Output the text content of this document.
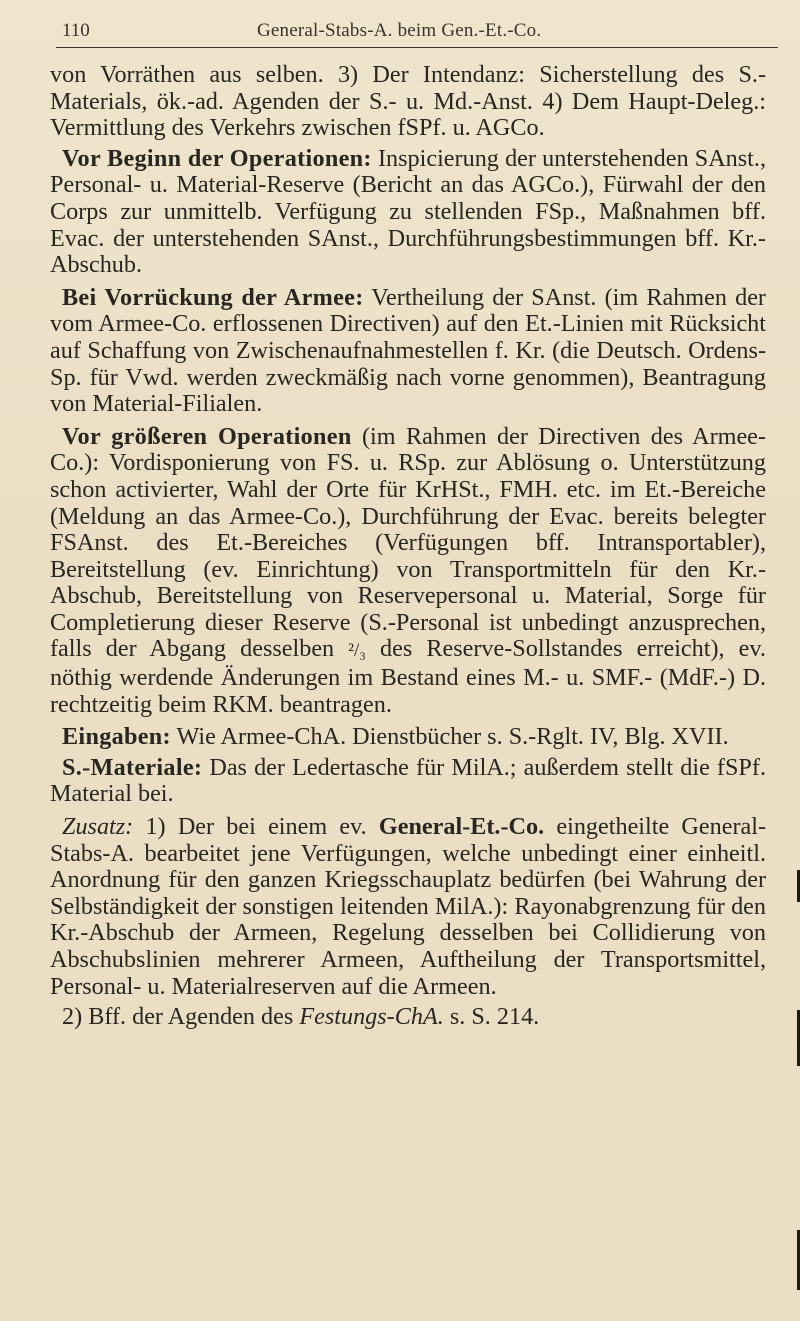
110	General-Stabs-A. beim Gen.-Et.-Co.

von Vorräthen aus selben. 3) Der Intendanz: Sicherstellung des S.-Materials, ök.-ad. Agenden der S.- u. Md.-Anst. 4) Dem Haupt-Deleg.: Vermittlung des Verkehrs zwischen fSPf. u. AGCo.

Vor Beginn der Operationen: Inspicierung der unterstehenden SAnst., Personal- u. Material-Reserve (Bericht an das AGCo.), Fürwahl der den Corps zur unmittelb. Verfügung zu stellenden FSp., Maßnahmen bff. Evac. der unterstehenden SAnst., Durchführungsbestimmungen bff. Kr.-Abschub.

Bei Vorrückung der Armee: Vertheilung der SAnst. (im Rahmen der vom Armee-Co. erflossenen Directiven) auf den Et.-Linien mit Rücksicht auf Schaffung von Zwischenaufnahmestellen f. Kr. (die Deutsch. Ordens-Sp. für Vwd. werden zweckmäßig nach vorne genommen), Beantragung von Material-Filialen.

Vor größeren Operationen (im Rahmen der Directiven des Armee-Co.): Vordisponierung von FS. u. RSp. zur Ablösung o. Unterstützung schon activierter, Wahl der Orte für KrHSt., FMH. etc. im Et.-Bereiche (Meldung an das Armee-Co.), Durchführung der Evac. bereits belegter FSAnst. des Et.-Bereiches (Verfügungen bff. Intransportabler), Bereitstellung (ev. Einrichtung) von Transportmitteln für den Kr.-Abschub, Bereitstellung von Reservepersonal u. Material, Sorge für Completierung dieser Reserve (S.-Personal ist unbedingt anzusprechen, falls der Abgang desselben ²/₃ des Reserve-Sollstandes erreicht), ev. nöthig werdende Änderungen im Bestand eines M.- u. SMF.- (MdF.-) D. rechtzeitig beim RKM. beantragen.

Eingaben: Wie Armee-ChA. Dienstbücher s. S.-Rglt. IV, Blg. XVII.

S.-Materiale: Das der Ledertasche für MilA.; außerdem stellt die fSPf. Material bei.

Zusatz: 1) Der bei einem ev. General-Et.-Co. eingetheilte General-Stabs-A. bearbeitet jene Verfügungen, welche unbedingt einer einheitl. Anordnung für den ganzen Kriegsschauplatz bedürfen (bei Wahrung der Selbständigkeit der sonstigen leitenden MilA.): Rayonabgrenzung für den Kr.-Abschub der Armeen, Regelung desselben bei Collidierung von Abschubslinien mehrerer Armeen, Auftheilung der Transportsmittel, Personal- u. Materialreserven auf die Armeen.

2) Bff. der Agenden des Festungs-ChA. s. S. 214.
